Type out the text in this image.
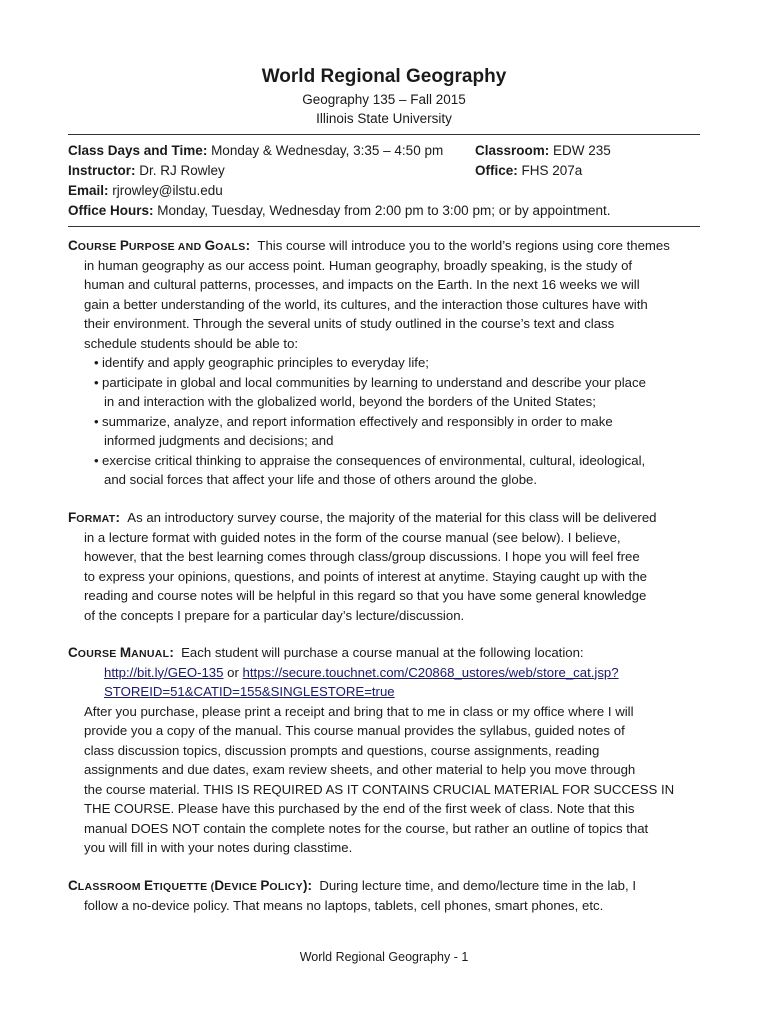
World Regional Geography
Geography 135 – Fall 2015
Illinois State University
Class Days and Time: Monday & Wednesday, 3:35 – 4:50 pm Classroom: EDW 235
Instructor: Dr. RJ Rowley	Office: FHS 207a
Email: rjrowley@ilstu.edu
Office Hours: Monday, Tuesday, Wednesday from 2:00 pm to 3:00 pm; or by appointment.
COURSE PURPOSE AND GOALS: This course will introduce you to the world’s regions using core themes
in human geography as our access point. Human geography, broadly speaking, is the study of
human and cultural patterns, processes, and impacts on the Earth. In the next 16 weeks we will
gain a better understanding of the world, its cultures, and the interaction those cultures have with
their environment. Through the several units of study outlined in the course’s text and class
schedule students should be able to:
• identify and apply geographic principles to everyday life;
• participate in global and local communities by learning to understand and describe your place
in and interaction with the globalized world, beyond the borders of the United States;
• summarize, analyze, and report information effectively and responsibly in order to make
informed judgments and decisions; and
• exercise critical thinking to appraise the consequences of environmental, cultural, ideological,
and social forces that affect your life and those of others around the globe.
FORMAT: As an introductory survey course, the majority of the material for this class will be delivered
in a lecture format with guided notes in the form of the course manual (see below). I believe,
however, that the best learning comes through class/group discussions. I hope you will feel free
to express your opinions, questions, and points of interest at anytime. Staying caught up with the
reading and course notes will be helpful in this regard so that you have some general knowledge
of the concepts I prepare for a particular day’s lecture/discussion.
COURSE MANUAL: Each student will purchase a course manual at the following location:
http://bit.ly/GEO-135 or https://secure.touchnet.com/C20868_ustores/web/store_cat.jsp?
STOREID=51&CATID=155&SINGLESTORE=true
After you purchase, please print a receipt and bring that to me in class or my office where I will
provide you a copy of the manual. This course manual provides the syllabus, guided notes of
class discussion topics, discussion prompts and questions, course assignments, reading
assignments and due dates, exam review sheets, and other material to help you move through
the course material. THIS IS REQUIRED AS IT CONTAINS CRUCIAL MATERIAL FOR SUCCESS IN
THE COURSE. Please have this purchased by the end of the first week of class. Note that this
manual DOES NOT contain the complete notes for the course, but rather an outline of topics that
you will fill in with your notes during classtime.
CLASSROOM ETIQUETTE (DEVICE POLICY): During lecture time, and demo/lecture time in the lab, I
follow a no-device policy. That means no laptops, tablets, cell phones, smart phones, etc.
World Regional Geography - 1
